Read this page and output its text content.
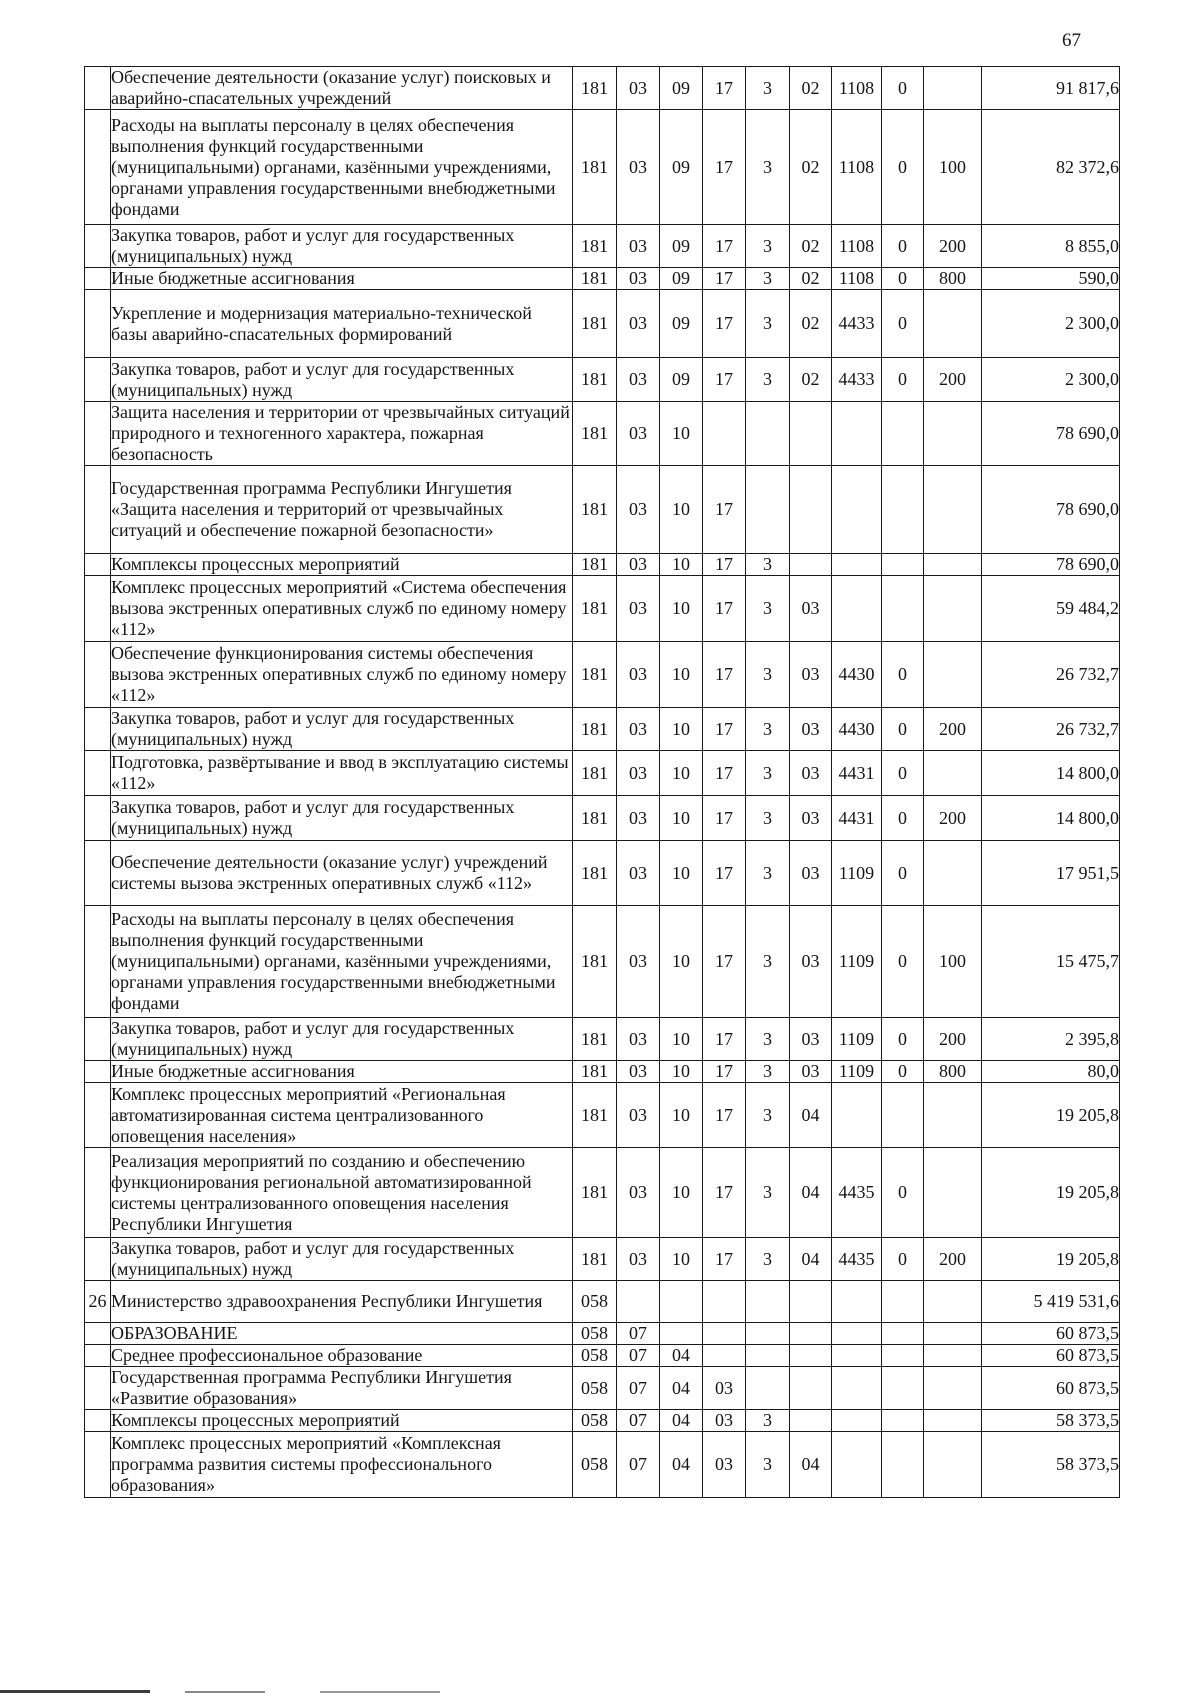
67
	Обеспечение деятельности (оказание услуг) поисковых и аварийно-спасательных учреждений	181	03	09	17	3	02	1108	0		91 817,6
	Расходы на выплаты персоналу в целях обеспечения выполнения функций государственными (муниципальными) органами, казёнными учреждениями, органами управления государственными внебюджетными фондами	181	03	09	17	3	02	1108	0	100	82 372,6
	Закупка товаров, работ и услуг для государственных (муниципальных) нужд	181	03	09	17	3	02	1108	0	200	8 855,0
	Иные бюджетные ассигнования	181	03	09	17	3	02	1108	0	800	590,0
	Укрепление и модернизация материально-технической базы аварийно-спасательных формирований	181	03	09	17	3	02	4433	0		2 300,0
	Закупка товаров, работ и услуг для государственных (муниципальных) нужд	181	03	09	17	3	02	4433	0	200	2 300,0
	Защита населения и территории от чрезвычайных ситуаций природного и техногенного характера, пожарная безопасность	181	03	10							78 690,0
	Государственная программа Республики Ингушетия «Защита населения и территорий от чрезвычайных ситуаций и обеспечение пожарной безопасности»	181	03	10	17						78 690,0
	Комплексы процессных мероприятий	181	03	10	17	3					78 690,0
	Комплекс процессных мероприятий «Система обеспечения вызова экстренных оперативных служб по единому номеру «112»	181	03	10	17	3	03				59 484,2
	Обеспечение функционирования системы обеспечения вызова экстренных оперативных служб по единому номеру «112»	181	03	10	17	3	03	4430	0		26 732,7
	Закупка товаров, работ и услуг для государственных (муниципальных) нужд	181	03	10	17	3	03	4430	0	200	26 732,7
	Подготовка, развёртывание и ввод в эксплуатацию системы «112»	181	03	10	17	3	03	4431	0		14 800,0
	Закупка товаров, работ и услуг для государственных (муниципальных) нужд	181	03	10	17	3	03	4431	0	200	14 800,0
	Обеспечение деятельности (оказание услуг) учреждений системы вызова экстренных оперативных служб «112»	181	03	10	17	3	03	1109	0		17 951,5
	Расходы на выплаты персоналу в целях обеспечения выполнения функций государственными (муниципальными) органами, казёнными учреждениями, органами управления государственными внебюджетными фондами	181	03	10	17	3	03	1109	0	100	15 475,7
	Закупка товаров, работ и услуг для государственных (муниципальных) нужд	181	03	10	17	3	03	1109	0	200	2 395,8
	Иные бюджетные ассигнования	181	03	10	17	3	03	1109	0	800	80,0
	Комплекс процессных мероприятий «Региональная автоматизированная система централизованного оповещения населения»	181	03	10	17	3	04				19 205,8
	Реализация мероприятий по созданию и обеспечению функционирования региональной автоматизированной системы централизованного оповещения населения Республики Ингушетия	181	03	10	17	3	04	4435	0		19 205,8
	Закупка товаров, работ и услуг для государственных (муниципальных) нужд	181	03	10	17	3	04	4435	0	200	19 205,8
26	Министерство здравоохранения Республики Ингушетия	058									5 419 531,6
	ОБРАЗОВАНИЕ	058	07								60 873,5
	Среднее профессиональное образование	058	07	04							60 873,5
	Государственная программа Республики Ингушетия «Развитие образования»	058	07	04	03						60 873,5
	Комплексы процессных мероприятий	058	07	04	03	3					58 373,5
	Комплекс процессных мероприятий «Комплексная программа развития системы профессионального образования»	058	07	04	03	3	04				58 373,5
